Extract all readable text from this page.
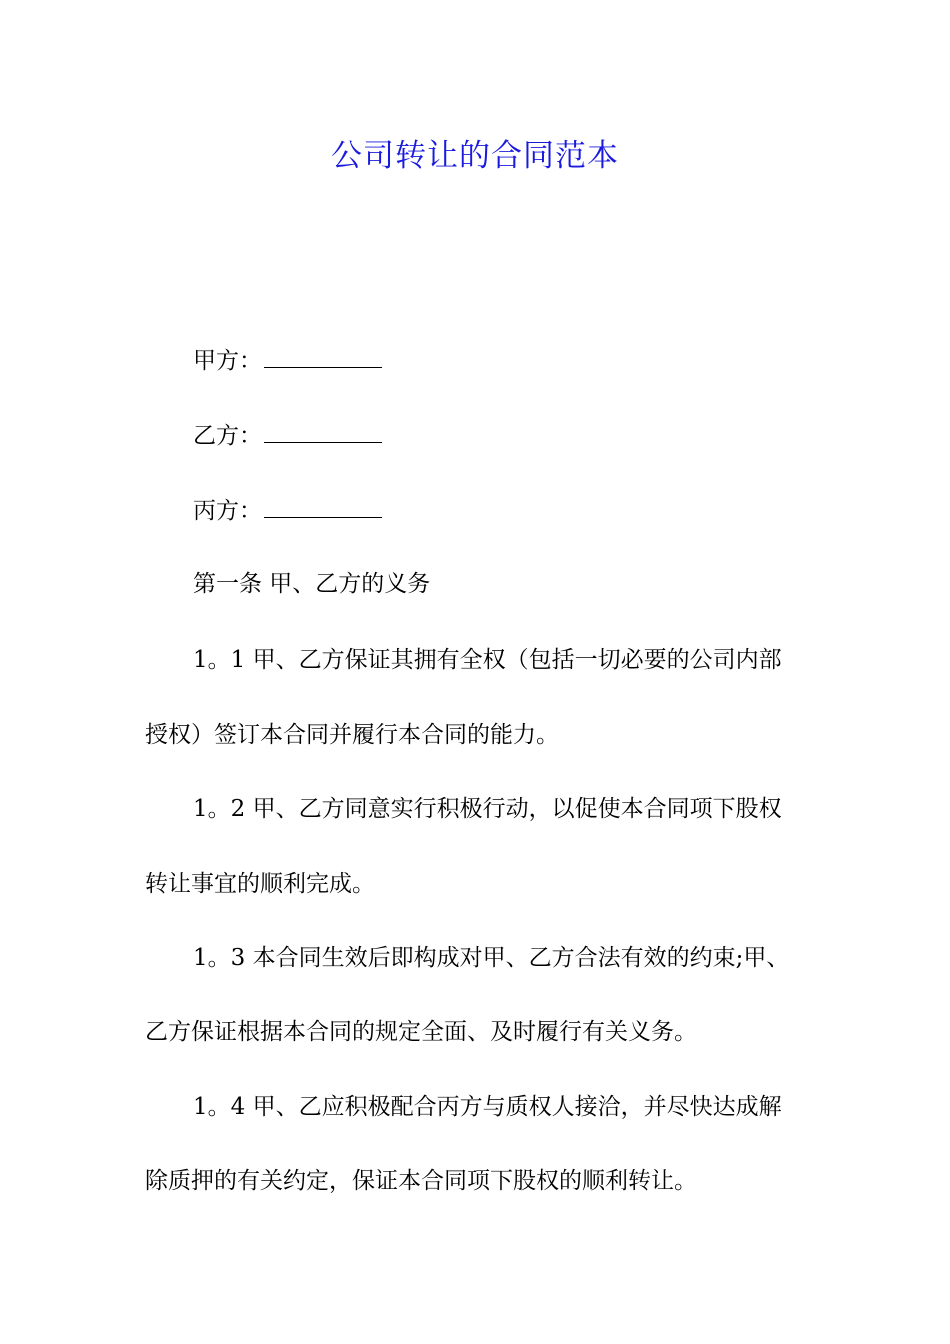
公司转让的合同范本
甲方：
乙方：
丙方：
第一条 甲、乙方的义务
1。1 甲、乙方保证其拥有全权（包括一切必要的公司内部
授权）签订本合同并履行本合同的能力。
1。2 甲、乙方同意实行积极行动，以促使本合同项下股权
转让事宜的顺利完成。
1。3 本合同生效后即构成对甲、乙方合法有效的约束;甲、
乙方保证根据本合同的规定全面、及时履行有关义务。
1。4 甲、乙应积极配合丙方与质权人接洽，并尽快达成解
除质押的有关约定，保证本合同项下股权的顺利转让。
